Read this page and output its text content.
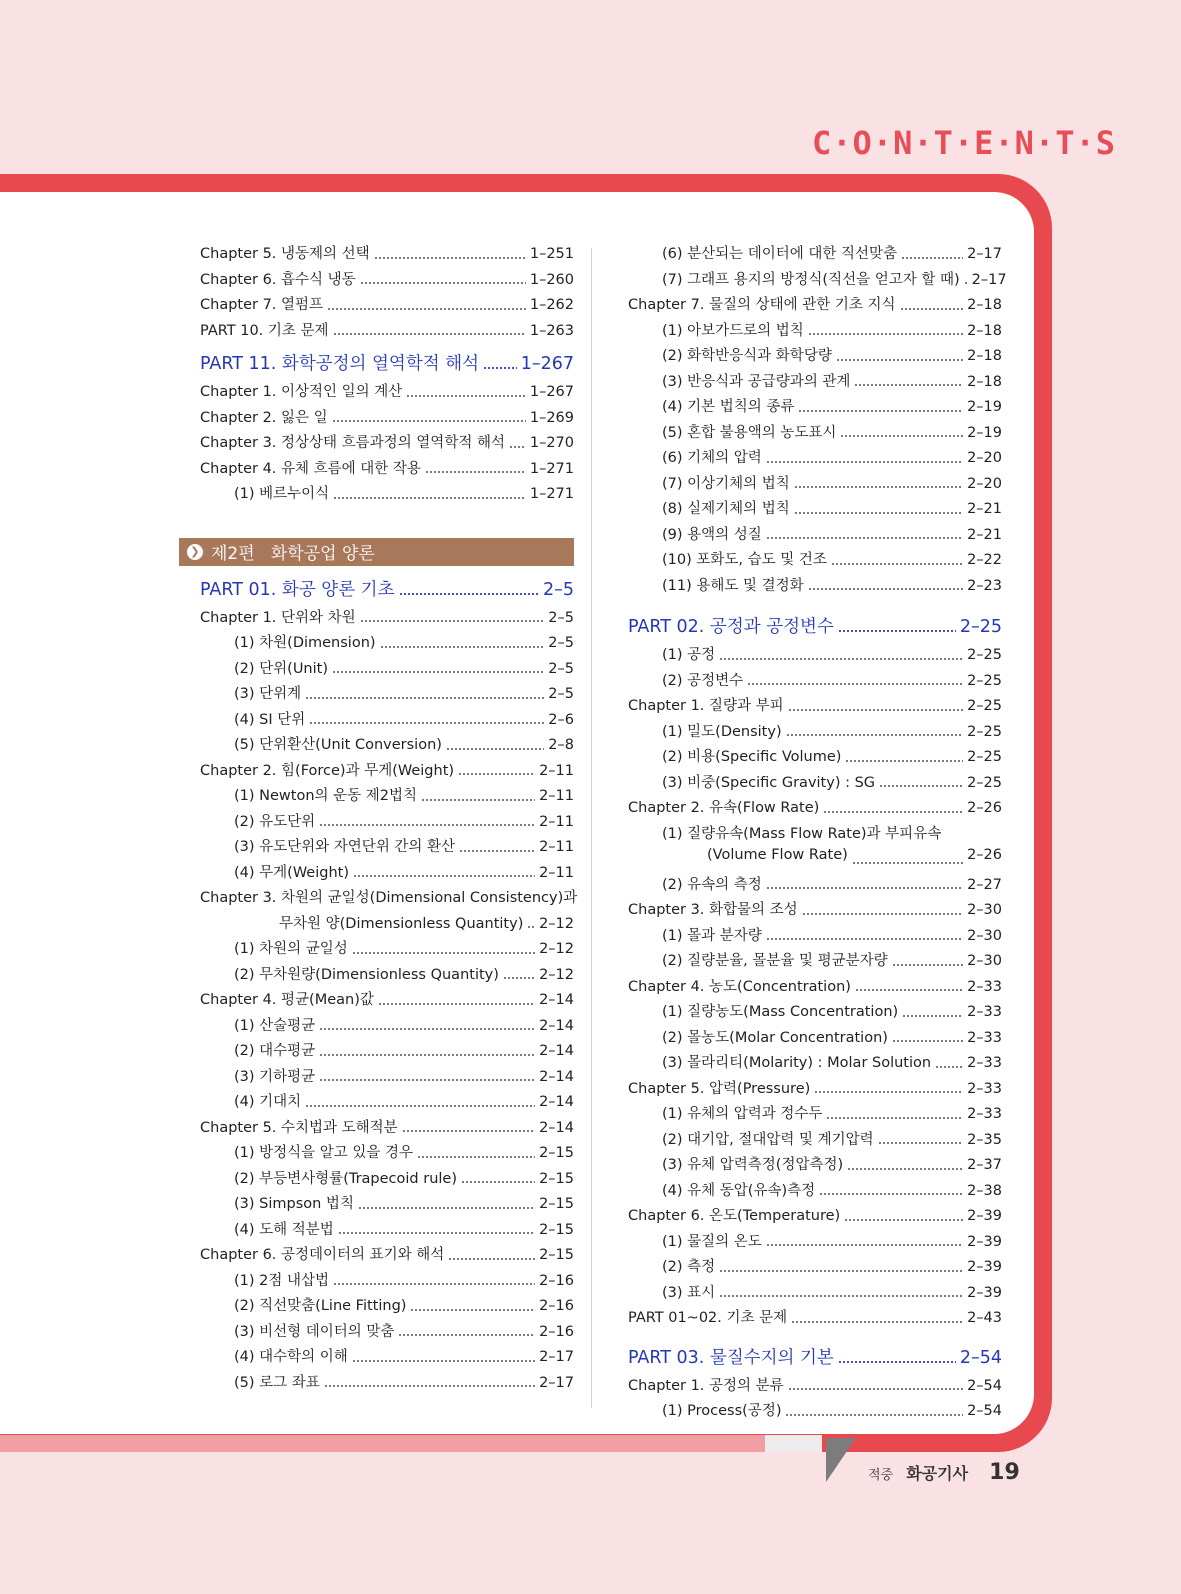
C·O·N·T·E·N·T·S
Chapter 5. 냉동제의 선택	1–251
Chapter 6. 흡수식 냉동	1–260
Chapter 7. 열펌프	1–262
PART 10. 기초 문제	1–263
PART 11. 화학공정의 열역학적 해석 1–267
Chapter 1. 이상적인 일의 계산	1–267
Chapter 2. 잃은 일	1–269
Chapter 3. 정상상태 흐름과정의 열역학적 해석 1–270
Chapter 4. 유체 흐름에 대한 작용	1–271
(1) 베르누이식	1–271
❯ 제2편   화학공업 양론
PART 01. 화공 양론 기초	2–5
Chapter 1. 단위와 차원	2–5
(1) 차원(Dimension)	2–5
(2) 단위(Unit)	2–5
(3) 단위계	2–5
(4) SI 단위	2–6
(5) 단위환산(Unit Conversion)	2–8
Chapter 2. 힘(Force)과 무게(Weight)	2–11
(1) Newton의 운동 제2법칙	2–11
(2) 유도단위	2–11
(3) 유도단위와 자연단위 간의 환산	2–11
(4) 무게(Weight)	2–11
Chapter 3. 차원의 균일성(Dimensional Consistency)과
무차원 양(Dimensionless Quantity) 2–12
(1) 차원의 균일성	2–12
(2) 무차원량(Dimensionless Quantity)	2–12
Chapter 4. 평균(Mean)값	2–14
(1) 산술평균	2–14
(2) 대수평균	2–14
(3) 기하평균	2–14
(4) 기대치	2–14
Chapter 5. 수치법과 도해적분	2–14
(1) 방정식을 알고 있을 경우	2–15
(2) 부등변사형률(Trapecoid rule)	2–15
(3) Simpson 법칙	2–15
(4) 도해 적분법	2–15
Chapter 6. 공정데이터의 표기와 해석	2–15
(1) 2점 내삽법	2–16
(2) 직선맞춤(Line Fitting)	2–16
(3) 비선형 데이터의 맞춤	2–16
(4) 대수학의 이해	2–17
(5) 로그 좌표	2–17
(6) 분산되는 데이터에 대한 직선맞춤	2–17
(7) 그래프 용지의 방정식(직선을 얻고자 할 때) 2–17
Chapter 7. 물질의 상태에 관한 기초 지식	2–18
(1) 아보가드로의 법칙	2–18
(2) 화학반응식과 화학당량	2–18
(3) 반응식과 공급량과의 관계	2–18
(4) 기본 법칙의 종류	2–19
(5) 혼합 불용액의 농도표시	2–19
(6) 기체의 압력	2–20
(7) 이상기체의 법칙	2–20
(8) 실제기체의 법칙	2–21
(9) 용액의 성질	2–21
(10) 포화도, 습도 및 건조	2–22
(11) 용해도 및 결정화	2–23
PART 02. 공정과 공정변수	2–25
(1) 공정	2–25
(2) 공정변수	2–25
Chapter 1. 질량과 부피	2–25
(1) 밀도(Density)	2–25
(2) 비용(Specific Volume)	2–25
(3) 비중(Specific Gravity) : SG	2–25
Chapter 2. 유속(Flow Rate)	2–26
(1) 질량유속(Mass Flow Rate)과 부피유속
(Volume Flow Rate)	2–26
(2) 유속의 측정	2–27
Chapter 3. 화합물의 조성	2–30
(1) 몰과 분자량	2–30
(2) 질량분율, 몰분율 및 평균분자량	2–30
Chapter 4. 농도(Concentration)	2–33
(1) 질량농도(Mass Concentration)	2–33
(2) 몰농도(Molar Concentration)	2–33
(3) 몰라리티(Molarity) : Molar Solution 2–33
Chapter 5. 압력(Pressure)	2–33
(1) 유체의 압력과 정수두	2–33
(2) 대기압, 절대압력 및 계기압력	2–35
(3) 유체 압력측정(정압측정)	2–37
(4) 유체 동압(유속)측정	2–38
Chapter 6. 온도(Temperature)	2–39
(1) 물질의 온도	2–39
(2) 측정	2–39
(3) 표시	2–39
PART 01~02. 기초 문제	2–43
PART 03. 물질수지의 기본	2–54
Chapter 1. 공정의 분류	2–54
(1) Process(공정)	2–54
적중 화공기사 19
